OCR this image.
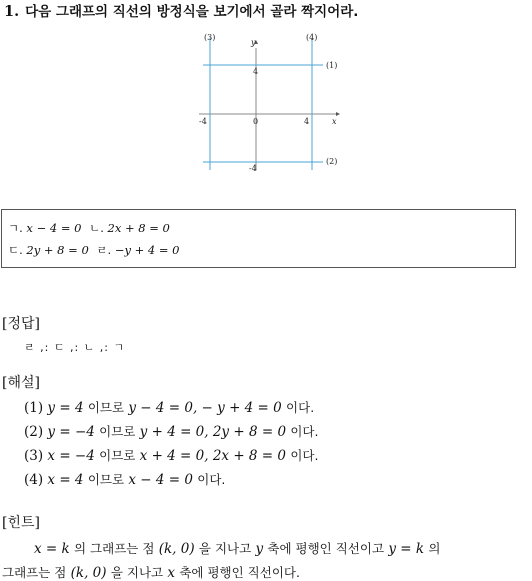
1. 다음 그래프의 직선의 방정식을 보기에서 골라 짝지어라.
(3)	(4)
(1)
(2)
y
x
4
-4
-4	0	4
ㄱ. x − 4 = 0 ㄴ. 2x + 8 = 0
ㄷ. 2y + 8 = 0 ㄹ. −y + 4 = 0
[정답]
ㄹ ,: ㄷ ,: ㄴ ,: ㄱ
[해설]
(1) y = 4 이므로 y − 4 = 0, − y + 4 = 0 이다.
(2) y = −4 이므로 y + 4 = 0, 2y + 8 = 0 이다.
(3) x = −4 이므로 x + 4 = 0, 2x + 8 = 0 이다.
(4) x = 4 이므로 x − 4 = 0 이다.
[힌트]
x = k 의 그래프는 점 (k, 0) 을 지나고 y 축에 평행인 직선이고 y = k 의
그래프는 점 (k, 0) 을 지나고 x 축에 평행인 직선이다.
